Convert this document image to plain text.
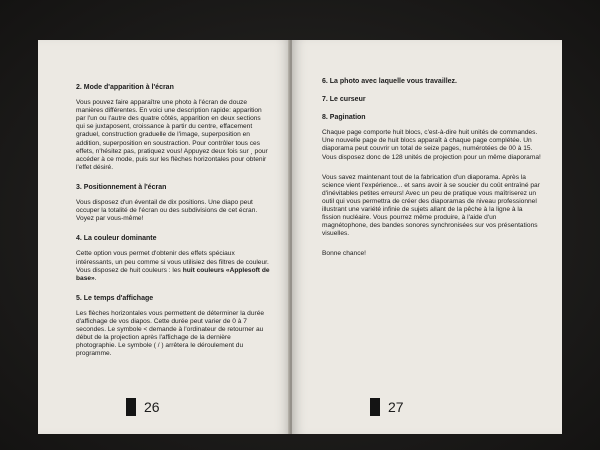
2. Mode d'apparition à l'écran

Vous pouvez faire apparaître une photo à l'écran de douze manières différentes. En voici une description rapide: apparition par l'un ou l'autre des quatre côtés, apparition en deux sections qui se juxtaposent, croissance à partir du centre, effacement graduel, construction graduelle de l'image, superposition en addition, superposition en soustraction. Pour contrôler tous ces effets, n'hésitez pas, pratiquez vous! Appuyez deux fois sur ¸ pour accéder à ce mode, puis sur les flèches horizontales pour obtenir l'effet désiré.

3. Positionnement à l'écran

Vous disposez d'un éventail de dix positions. Une diapo peut occuper la totalité de l'écran ou des subdivisions de cet écran. Voyez par vous-même!

4. La couleur dominante

Cette option vous permet d'obtenir des effets spéciaux intéressants, un peu comme si vous utilisiez des filtres de couleur. Vous disposez de huit couleurs : les huit couleurs «Applesoft de base».

5. Le temps d'affichage

Les flèches horizontales vous permettent de déterminer la durée d'affichage de vos diapos. Cette durée peut varier de 0 à 7 secondes. Le symbole < demande à l'ordinateur de retourner au début de la projection après l'affichage de la dernière photographie. Le symbole ( / ) arrêtera le déroulement du programme.

26
6. La photo avec laquelle vous travaillez.
7. Le curseur
8. Pagination

Chaque page comporte huit blocs, c'est-à-dire huit unités de commandes. Une nouvelle page de huit blocs apparaît à chaque page complétée. Un diaporama peut couvrir un total de seize pages, numérotées de 00 à 15. Vous disposez donc de 128 unités de projection pour un même diaporama!

Vous savez maintenant tout de la fabrication d'un diaporama. Après la science vient l'expérience... et sans avoir à se soucier du coût entraîné par d'inévitables petites erreurs! Avec un peu de pratique vous maîtriserez un outil qui vous permettra de créer des diaporamas de niveau professionnel illustrant une variété infinie de sujets allant de la pêche à la ligne à la fission nucléaire. Vous pourrez même produire, à l'aide d'un magnétophone, des bandes sonores synchronisées sur vos présentations visuelles.

Bonne chance!

27
